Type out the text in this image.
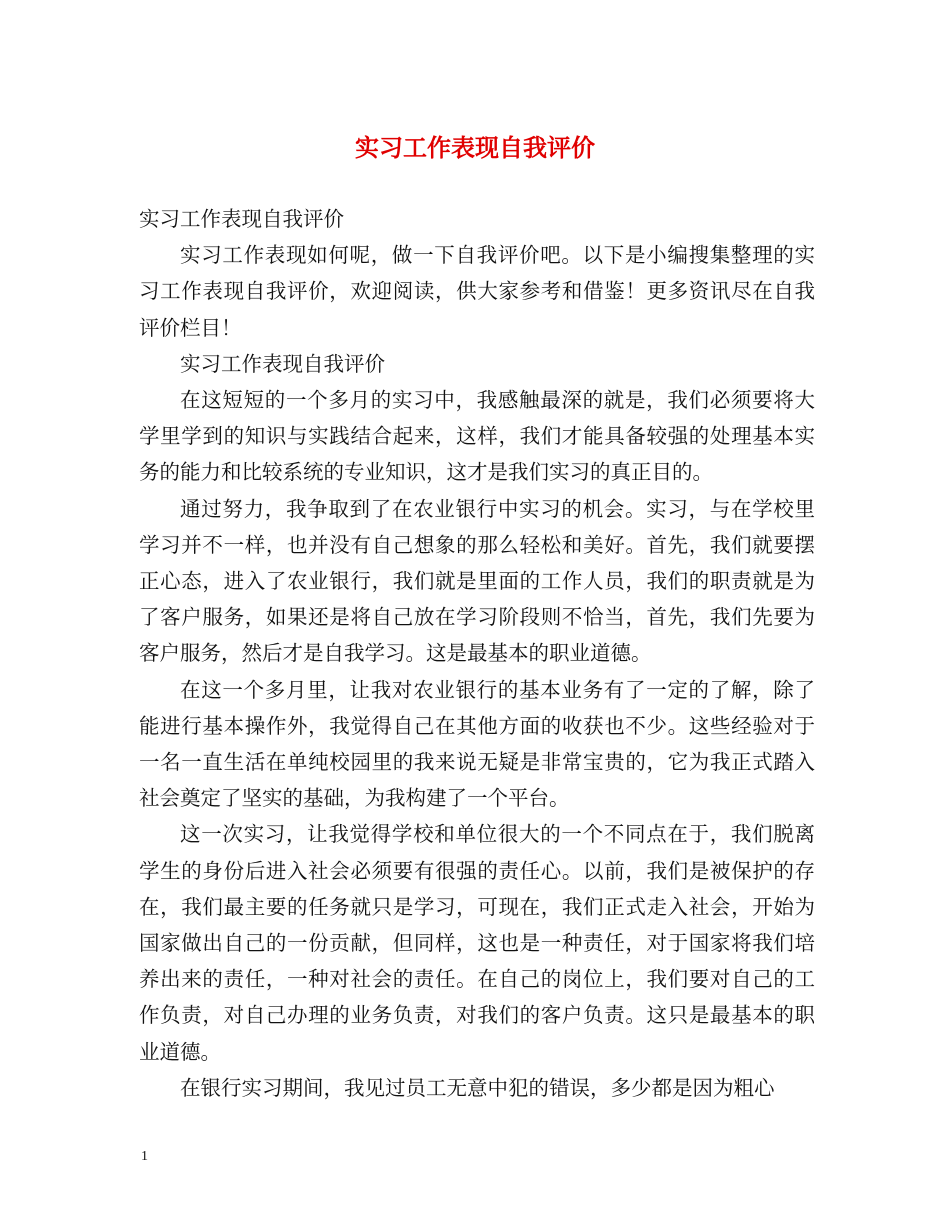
实习工作表现自我评价

实习工作表现自我评价

实习工作表现如何呢，做一下自我评价吧。以下是小编搜集整理的实习工作表现自我评价，欢迎阅读，供大家参考和借鉴！更多资讯尽在自我评价栏目！

实习工作表现自我评价

在这短短的一个多月的实习中，我感触最深的就是，我们必须要将大学里学到的知识与实践结合起来，这样，我们才能具备较强的处理基本实务的能力和比较系统的专业知识，这才是我们实习的真正目的。

通过努力，我争取到了在农业银行中实习的机会。实习，与在学校里学习并不一样，也并没有自己想象的那么轻松和美好。首先，我们就要摆正心态，进入了农业银行，我们就是里面的工作人员，我们的职责就是为了客户服务，如果还是将自己放在学习阶段则不恰当，首先，我们先要为客户服务，然后才是自我学习。这是最基本的职业道德。

在这一个多月里，让我对农业银行的基本业务有了一定的了解，除了能进行基本操作外，我觉得自己在其他方面的收获也不少。这些经验对于一名一直生活在单纯校园里的我来说无疑是非常宝贵的，它为我正式踏入社会奠定了坚实的基础，为我构建了一个平台。

这一次实习，让我觉得学校和单位很大的一个不同点在于，我们脱离学生的身份后进入社会必须要有很强的责任心。以前，我们是被保护的存在，我们最主要的任务就只是学习，可现在，我们正式走入社会，开始为国家做出自己的一份贡献，但同样，这也是一种责任，对于国家将我们培养出来的责任，一种对社会的责任。在自己的岗位上，我们要对自己的工作负责，对自己办理的业务负责，对我们的客户负责。这只是最基本的职业道德。

在银行实习期间，我见过员工无意中犯的错误，多少都是因为粗心

1
